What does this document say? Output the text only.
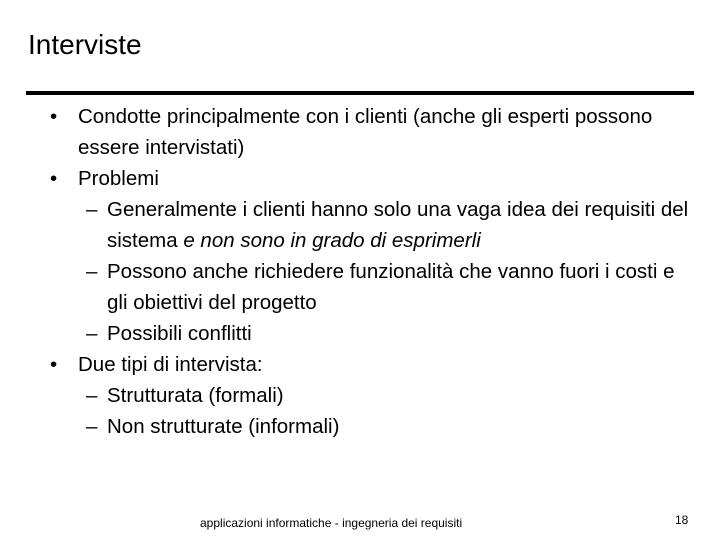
Interviste
• Condotte principalmente con i clienti (anche gli esperti possono essere intervistati)
• Problemi
– Generalmente i clienti hanno solo una vaga idea dei requisiti del sistema e non sono in grado di esprimerli
– Possono anche richiedere funzionalità che vanno fuori i costi e gli obiettivi del progetto
– Possibili conflitti
• Due tipi di intervista:
– Strutturata (formali)
– Non strutturate (informali)
applicazioni informatiche - ingegneria dei requisiti	18
